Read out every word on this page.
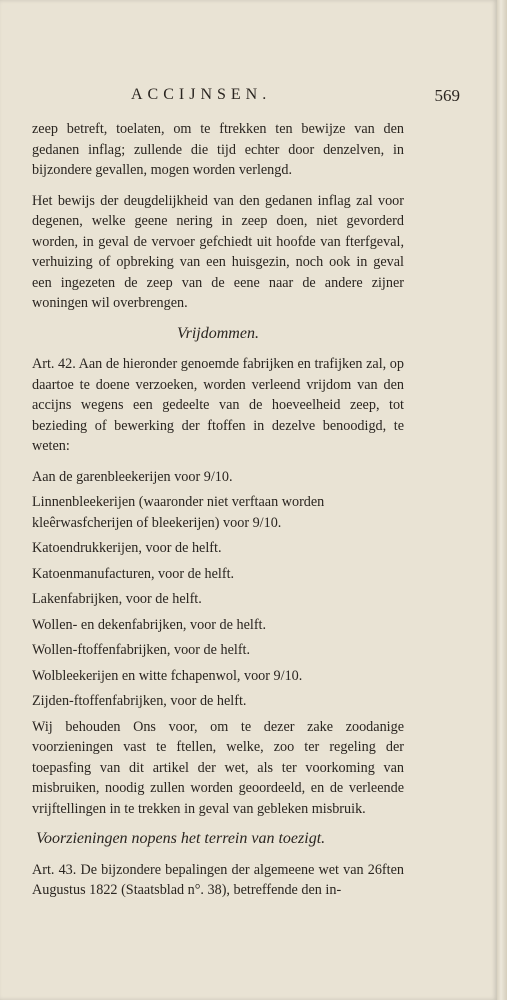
ACCIJNSEN.	569

zeep betreft, toelaten, om te ftrekken ten bewijze van den gedanen inflag; zullende die tijd echter door denzelven, in bijzondere gevallen, mogen worden verlengd.

Het bewijs der deugdelijkheid van den gedanen inflag zal voor degenen, welke geene nering in zeep doen, niet gevorderd worden, in geval de vervoer gefchiedt uit hoofde van fterfgeval, verhuizing of opbreking van een huisgezin, noch ook in geval een ingezeten de zeep van de eene naar de andere zijner woningen wil overbrengen.

Vrijdommen.

Art. 42. Aan de hieronder genoemde fabrijken en trafijken zal, op daartoe te doene verzoeken, worden verleend vrijdom van den accijns wegens een gedeelte van de hoeveelheid zeep, tot bezieding of bewerking der ftoffen in dezelve benoodigd, te weten:

Aan de garenbleekerijen voor 9/10.

Linnenbleekerijen (waaronder niet verftaan worden kleêrwasfcherijen of bleekerijen) voor 9/10.

Katoendrukkerijen, voor de helft.

Katoenmanufacturen, voor de helft.

Lakenfabrijken, voor de helft.

Wollen- en dekenfabrijken, voor de helft.

Wollen-ftoffenfabrijken, voor de helft.

Wolbleekerijen en witte fchapenwol, voor 9/10.

Zijden-ftoffenfabrijken, voor de helft.

Wij behouden Ons voor, om te dezer zake zoodanige voorzieningen vast te ftellen, welke, zoo ter regeling der toepasfing van dit artikel der wet, als ter voorkoming van misbruiken, noodig zullen worden geoordeeld, en de verleende vrijftellingen in te trekken in geval van gebleken misbruik.

Voorzieningen nopens het terrein van toezigt.

Art. 43. De bijzondere bepalingen der algemeene wet van 26ften Augustus 1822 (Staatsblad n°. 38), betreffende den in-
